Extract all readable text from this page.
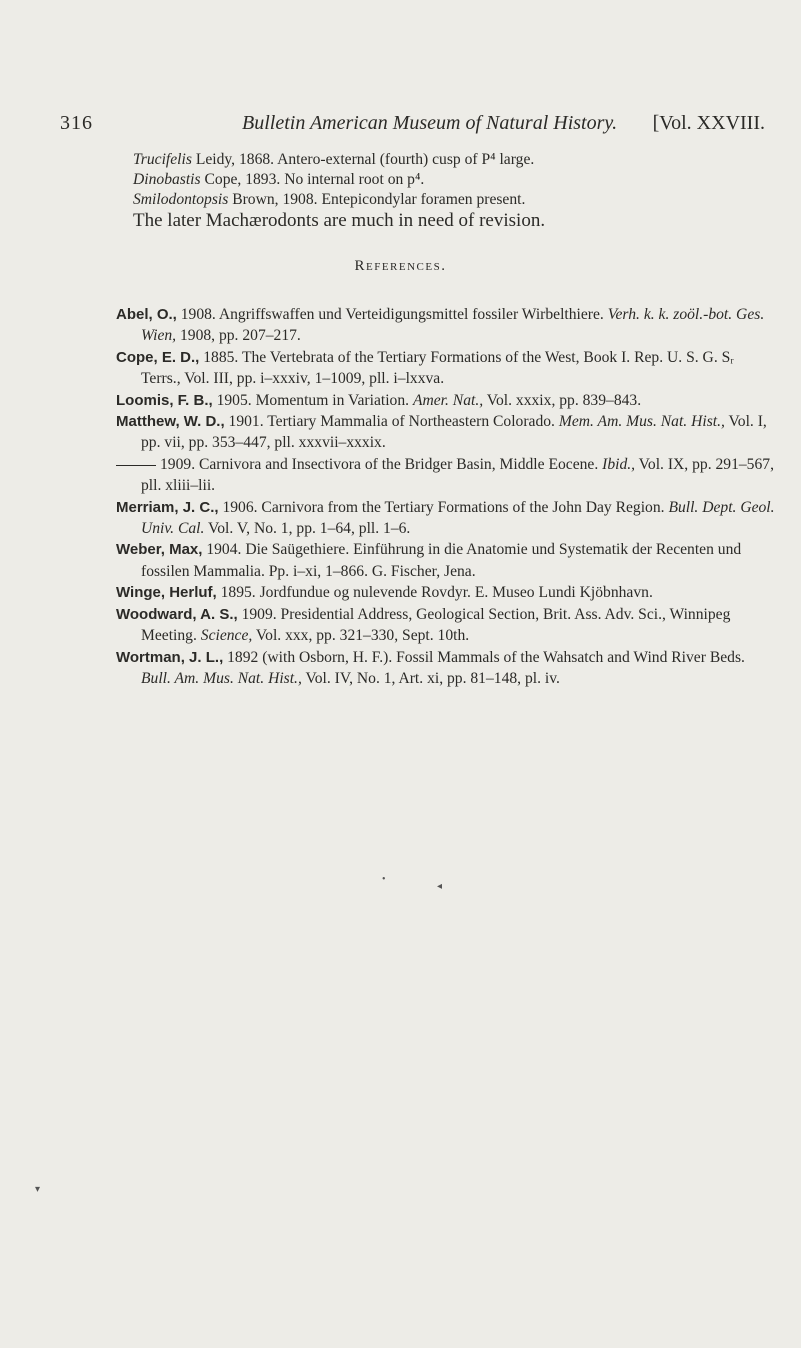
316	Bulletin American Museum of Natural History. [Vol. XXVIII.

Trucifelis Leidy, 1868. Antero-external (fourth) cusp of P⁴ large.

Dinobastis Cope, 1893. No internal root on p⁴.

Smilodontopsis Brown, 1908. Entepicondylar foramen present.

The later Machærodonts are much in need of revision.
References.

Abel, O., 1908. Angriffswaffen und Verteidigungsmittel fossiler Wirbelthiere. Verh. k. k. zoöl.-bot. Ges. Wien, 1908, pp. 207–217.

Cope, E. D., 1885. The Vertebrata of the Tertiary Formations of the West, Book I. Rep. U. S. G. Sᵣ Terrs., Vol. III, pp. i–xxxiv, 1–1009, pll. i–lxxva.

Loomis, F. B., 1905. Momentum in Variation. Amer. Nat., Vol. xxxix, pp. 839–843.

Matthew, W. D., 1901. Tertiary Mammalia of Northeastern Colorado. Mem. Am. Mus. Nat. Hist., Vol. I, pp. vii, pp. 353–447, pll. xxxvii–xxxix.

1909. Carnivora and Insectivora of the Bridger Basin, Middle Eocene. Ibid., Vol. IX, pp. 291–567, pll. xliii–lii.

Merriam, J. C., 1906. Carnivora from the Tertiary Formations of the John Day Region. Bull. Dept. Geol. Univ. Cal. Vol. V, No. 1, pp. 1–64, pll. 1–6.

Weber, Max, 1904. Die Saügethiere. Einführung in die Anatomie und Systematik der Recenten und fossilen Mammalia. Pp. i–xi, 1–866. G. Fischer, Jena.

Winge, Herluf, 1895. Jordfundue og nulevende Rovdyr. E. Museo Lundi Kjöbnhavn.

Woodward, A. S., 1909. Presidential Address, Geological Section, Brit. Ass. Adv. Sci., Winnipeg Meeting. Science, Vol. xxx, pp. 321–330, Sept. 10th.

Wortman, J. L., 1892 (with Osborn, H. F.). Fossil Mammals of the Wahsatch and Wind River Beds. Bull. Am. Mus. Nat. Hist., Vol. IV, No. 1, Art. xi, pp. 81–148, pl. iv.

•
◂
▾
